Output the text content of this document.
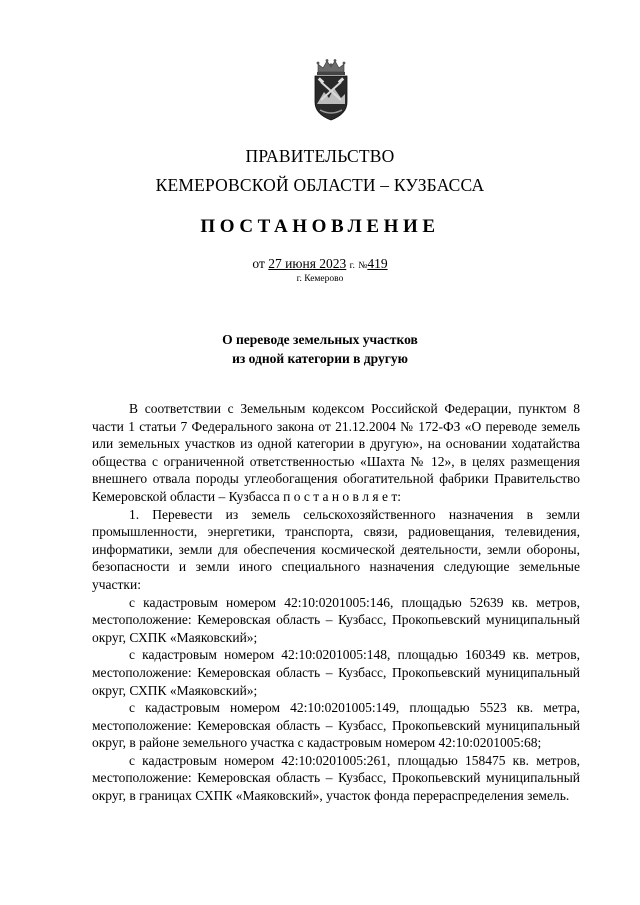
ПРАВИТЕЛЬСТВО
КЕМЕРОВСКОЙ ОБЛАСТИ – КУЗБАССА
ПОСТАНОВЛЕНИЕ
от 27 июня 2023 г. №419
г. Кемерово
О переводе земельных участков
из одной категории в другую

В соответствии с Земельным кодексом Российской Федерации, пунктом 8 части 1 статьи 7 Федерального закона от 21.12.2004 № 172-ФЗ «О переводе земель или земельных участков из одной категории в другую», на основании ходатайства общества с ограниченной ответственностью «Шахта № 12», в целях размещения внешнего отвала породы углеобогащения обогатительной фабрики Правительство Кемеровской области – Кузбасса п о с т а н о в л я е т:

1. Перевести из земель сельскохозяйственного назначения в земли промышленности, энергетики, транспорта, связи, радиовещания, телевидения, информатики, земли для обеспечения космической деятельности, земли обороны, безопасности и земли иного специального назначения следующие земельные участки:

с кадастровым номером 42:10:0201005:146, площадью 52639 кв. метров, местоположение: Кемеровская область – Кузбасс, Прокопьевский муниципальный округ, СХПК «Маяковский»;

с кадастровым номером 42:10:0201005:148, площадью 160349 кв. метров, местоположение: Кемеровская область – Кузбасс, Прокопьевский муниципальный округ, СХПК «Маяковский»;

с кадастровым номером 42:10:0201005:149, площадью 5523 кв. метра, местоположение: Кемеровская область – Кузбасс, Прокопьевский муниципальный округ, в районе земельного участка с кадастровым номером 42:10:0201005:68;

с кадастровым номером 42:10:0201005:261, площадью 158475 кв. метров, местоположение: Кемеровская область – Кузбасс, Прокопьевский муниципальный округ, в границах СХПК «Маяковский», участок фонда перераспределения земель.
